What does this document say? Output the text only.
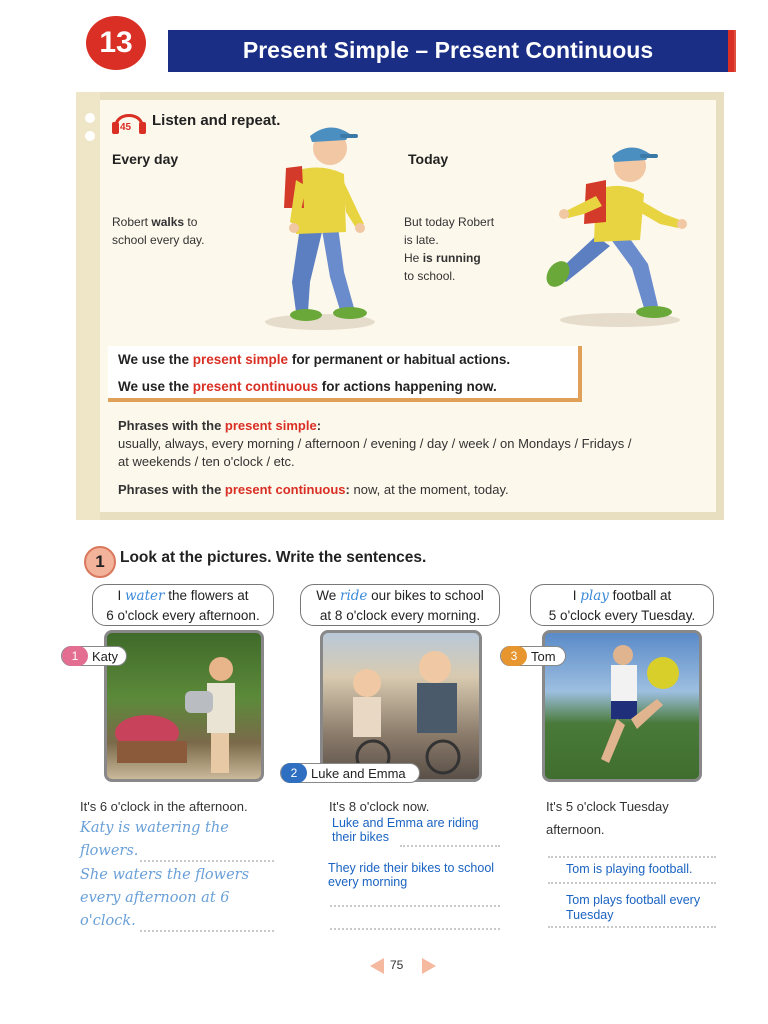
13	Present Simple – Present Continuous
45 Listen and repeat.
Every day	Today
Robert walks to
school every day.
But today Robert
is late.
He is running
to school.
We use the present simple for permanent or habitual actions.
We use the present continuous for actions happening now.
Phrases with the present simple:
usually, always, every morning / afternoon / evening / day / week / on Mondays / Fridays /
at weekends / ten o'clock / etc.
Phrases with the present continuous: now, at the moment, today.
1 Look at the pictures. Write the sentences.
I water the flowers at
6 o'clock every afternoon.
1	Katy
It's 6 o'clock in the afternoon.
Katy is watering the
flowers.
She waters the flowers
every afternoon at 6
o'clock.
We ride our bikes to school
at 8 o'clock every morning.
2	Luke and Emma
It's 8 o'clock now.
Luke and Emma are riding
their bikes
They ride their bikes to school
every morning
I play football at
5 o'clock every Tuesday.
3	Tom
It's 5 o'clock Tuesday
afternoon.
Tom is playing football.
Tom plays football every
Tuesday
75
